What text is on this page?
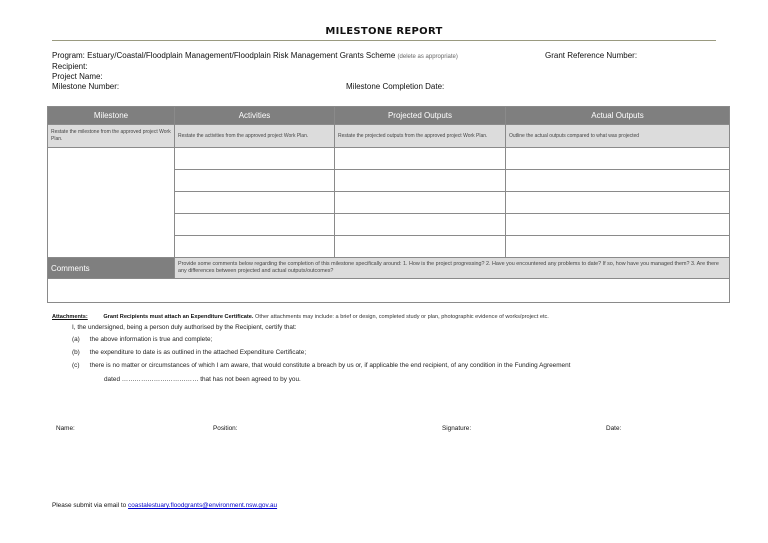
MILESTONE REPORT
Program: Estuary/Coastal/Floodplain Management/Floodplain Risk Management Grants Scheme (delete as appropriate)	Grant Reference Number:
Recipient:
Project Name:
Milestone Number:	Milestone Completion Date:
Milestone	Activities	Projected Outputs	Actual Outputs
Restate the milestone from the approved project Work Plan.	Restate the activities from the approved project Work Plan.	Restate the projected outputs from the approved project Work Plan.	Outline the actual outputs compared to what was projected

Comments	Provide some comments below regarding the completion of this milestone specifically around: 1. How is the project progressing? 2. Have you encountered any problems to date? If so, how have you managed them? 3. Are there any differences between projected and actual outputs/outcomes?		

Attachments:	Grant Recipients must attach an Expenditure Certificate. Other attachments may include: a brief or design, completed study or plan, photographic evidence of works/project etc.
I, the undersigned, being a person duly authorised by the Recipient, certify that:
(a) the above information is true and complete;
(b) the expenditure to date is as outlined in the attached Expenditure Certificate;
(c) there is no matter or circumstances of which I am aware, that would constitute a breach by us or, if applicable the end recipient, of any condition in the Funding Agreement
dated ……………………………… that has not been agreed to by you.
Name:	Position:	Signature:	Date:
Please submit via email to coastalestuary.floodgrants@environment.nsw.gov.au
